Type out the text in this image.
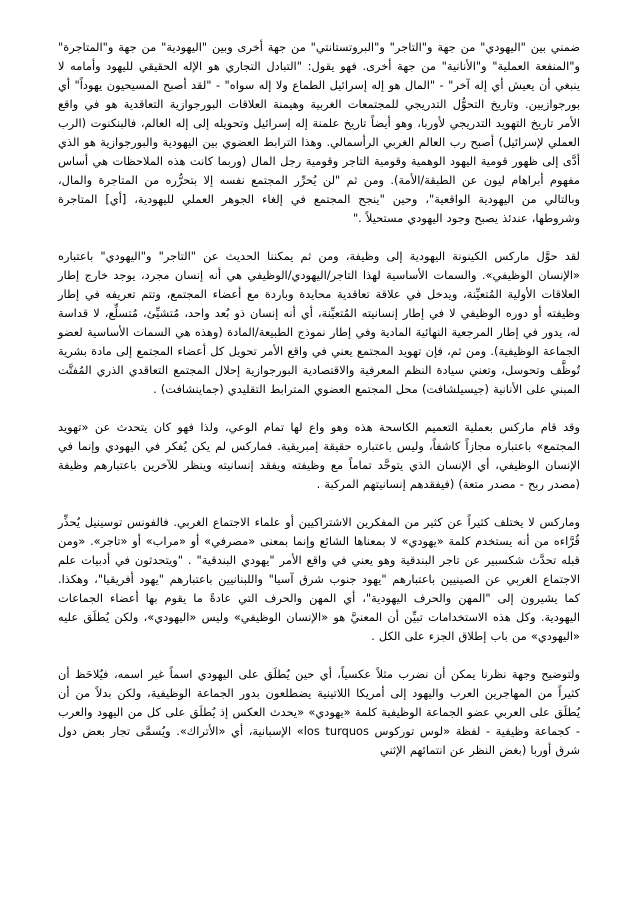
ضمني بين "اليهودي" من جهة و"التاجر" و"البروتستانتي" من جهة أخرى وبين "اليهودية" من جهة و"المتاجرة" و"المنفعة العملية" و"الأنانية" من جهة أخرى. فهو يقول: "التبادل التجاري هو الإله الحقيقي لليهود وأمامه لا ينبغي أن يعيش أي إله آخر" - "المال هو إله إسرائيل الطماع ولا إله سواه" - "لقد أصبح المسيحيون يهوداً" أي بورجوازيين. وتاريخ التحوُّل التدريجي للمجتمعات الغربية وهيمنة العلاقات البورجوازية التعاقدية هو في واقع الأمر تاريخ التهويد التدريجي لأوربا، وهو أيضاً تاريخ علمنة إله إسرائيل وتحويله إلى إله العالم، فالبنكنوت (الرب العملي لإسرائيل) أصبح رب العالم الغربي الرأسمالي. وهذا الترابط العضوي بين اليهودية والبورجوازية هو الذي أدَّى إلى ظهور قومية اليهود الوهمية وقومية التاجر وقومية رجل المال (وربما كانت هذه الملاحظات هي أساس مفهوم أبراهام ليون عن الطبقة/الأمة). ومن ثم "لن يُحرِّر المجتمع نفسه إلا بتحرُّره من المتاجرة والمال، وبالتالي من اليهودية الواقعية"، وحين "ينجح المجتمع في إلغاء الجوهر العملي لليهودية، [أي] المتاجرة وشروطها، عندئذ يصبح وجود اليهودي مستحيلاً ."

لقد حوَّل ماركس الكينونة اليهودية إلى وظيفة، ومن ثم يمكننا الحديث عن "التاجر" و"اليهودي" باعتباره «الإنسان الوظيفي». والسمات الأساسية لهذا التاجر/اليهودي/الوظيفي هي أنه إنسان مجرد، يوجد خارج إطار العلاقات الأولية المُتعيِّنة، ويدخل في علاقة تعاقدية محايدة وباردة مع أعضاء المجتمع، وتتم تعريفه في إطار وظيفته أو دوره الوظيفي لا في إطار إنسانيته المُتعيِّنة، أي أنه إنسان ذو بُعد واحد، مُتشيِّئ، مُتسلِّع، لا قداسة له، يدور في إطار المرجعية النهائية المادية وفي إطار نموذج الطبيعة/المادة (وهذه هي السمات الأساسية لعضو الجماعة الوظيفية). ومن ثم، فإن تهويد المجتمع يعني في واقع الأمر تحويل كل أعضاء المجتمع إلى مادة بشرية تُوظَّف وتحوسل، وتعني سيادة النظم المعرفية والاقتصادية البورجوازية إحلال المجتمع التعاقدي الذري المُفتَّت المبني على الأنانية (جيسيلشافت) محل المجتمع العضوي المترابط التقليدي (جماينشافت) .

وقد قام ماركس بعملية التعميم الكاسحة هذه وهو واع لها تمام الوعي، ولذا فهو كان يتحدث عن «تهويد المجتمع» باعتباره مجازاً كاشفاً، وليس باعتباره حقيقة إمبريقية. فماركس لم يكن يُفكر في اليهودي وإنما في الإنسان الوظيفي، أي الإنسان الذي يتوحَّد تماماً مع وظيفته ويفقد إنسانيته وينظر للآخرين باعتبارهم وظيفة (مصدر ربح - مصدر متعة) (فيفقدهم إنسانيتهم المركبة .

وماركس لا يختلف كثيراً عن كثير من المفكرين الاشتراكيين أو علماء الاجتماع الغربي. فالفونس توسينيل يُحذِّر قُرَّاءه من أنه يستخدم كلمة «يهودي» لا بمعناها الشائع وإنما بمعنى «مصرفي» أو «مراب» أو «تاجر». «ومن قبله تحدَّث شكسبير عن تاجر البندقية وهو يعني في واقع الأمر "يهودي البندقية" . "ويتحدثون في أدبيات علم الاجتماع الغربي عن الصينيين باعتبارهم "يهود جنوب شرق آسيا" واللبنانيين باعتبارهم "يهود أفريقيا"، وهكذا. كما يشيرون إلى "المهن والحرف اليهودية"، أي المهن والحرف التي عادةً ما يقوم بها أعضاء الجماعات اليهودية. وكل هذه الاستخدامات تبيِّن أن المعنيَّ هو «الإنسان الوظيفي» وليس «اليهودي»، ولكن يُطلَق عليه «اليهودي» من باب إطلاق الجزء على الكل .

ولتوضيح وجهة نظرنا يمكن أن نضرب مثلاً عكسياً، أي حين يُطلَق على اليهودي اسماً غير اسمه، فيُلاحَظ أن كثيراً من المهاجرين العرب واليهود إلى أمريكا اللاتينية يضطلعون بدور الجماعة الوظيفية، ولكن بدلاً من أن يُطلَق على العربي عضو الجماعة الوظيفية كلمة «يهودي» «يحدث العكس إذ يُطلَق على كل من اليهود والعرب - كجماعة وظيفية - لفظة «لوس توركوس los turquos» الإسبانية، أي «الأتراك». ويُسمَّى تجار بعض دول شرق أوربا (بغض النظر عن انتمائهم الإثني
